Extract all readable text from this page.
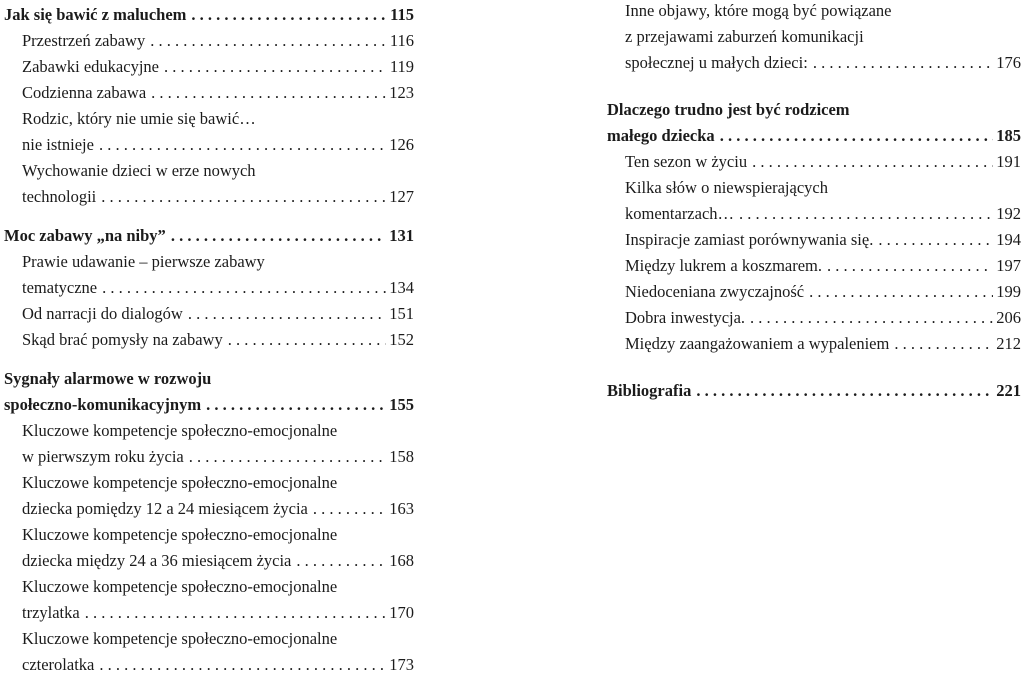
Jak się bawić z maluchem . . .	115
Przestrzeń zabawy . . .	116
Zabawki edukacyjne . . .	119
Codzienna zabawa . . .	123
Rodzic, który nie umie się bawić…
nie istnieje . . .	126
Wychowanie dzieci w erze nowych
technologii . . .	127
Moc zabawy „na niby” . . .	131
Prawie udawanie – pierwsze zabawy
tematyczne . . .	134
Od narracji do dialogów . . .	151
Skąd brać pomysły na zabawy . . .	152
Sygnały alarmowe w rozwoju
społeczno-komunikacyjnym . . .	155
Kluczowe kompetencje społeczno-emocjonalne
w pierwszym roku życia . . .	158
Kluczowe kompetencje społeczno-emocjonalne
dziecka pomiędzy 12 a 24 miesiącem życia . . .	163
Kluczowe kompetencje społeczno-emocjonalne
dziecka między 24 a 36 miesiącem życia . . .	168
Kluczowe kompetencje społeczno-emocjonalne
trzylatka . . .	170
Kluczowe kompetencje społeczno-emocjonalne
czterolatka . . .	173
Inne objawy, które mogą być powiązane
z przejawami zaburzeń komunikacji
społecznej u małych dzieci: . . .	176
Dlaczego trudno jest być rodzicem
małego dziecka . . .	185
Ten sezon w życiu . . .	191
Kilka słów o niewspierających
komentarzach… . . .	192
Inspiracje zamiast porównywania się. . . .	194
Między lukrem a koszmarem. . . .	197
Niedoceniana zwyczajność . . .	199
Dobra inwestycja. . . .	206
Między zaangażowaniem a wypaleniem . . .	212
Bibliografia . . .	221
